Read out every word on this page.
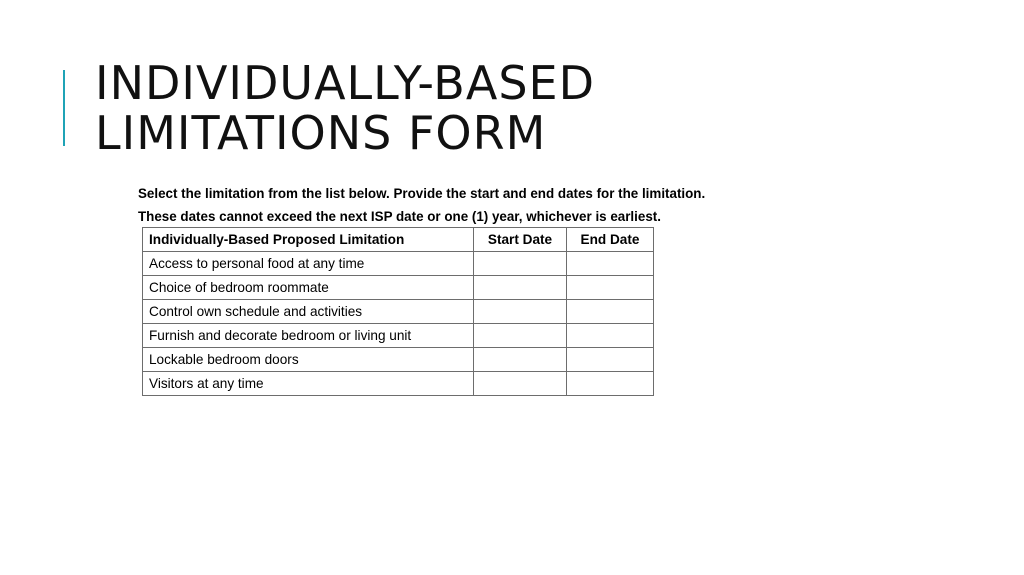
INDIVIDUALLY-BASED
LIMITATIONS FORM

Select the limitation from the list below. Provide the start and end dates for the limitation.

These dates cannot exceed the next ISP date or one (1) year, whichever is earliest.

Individually-Based Proposed Limitation	Start Date	End Date
Access to personal food at any time		
Choice of bedroom roommate		
Control own schedule and activities		
Furnish and decorate bedroom or living unit		
Lockable bedroom doors		
Visitors at any time		
